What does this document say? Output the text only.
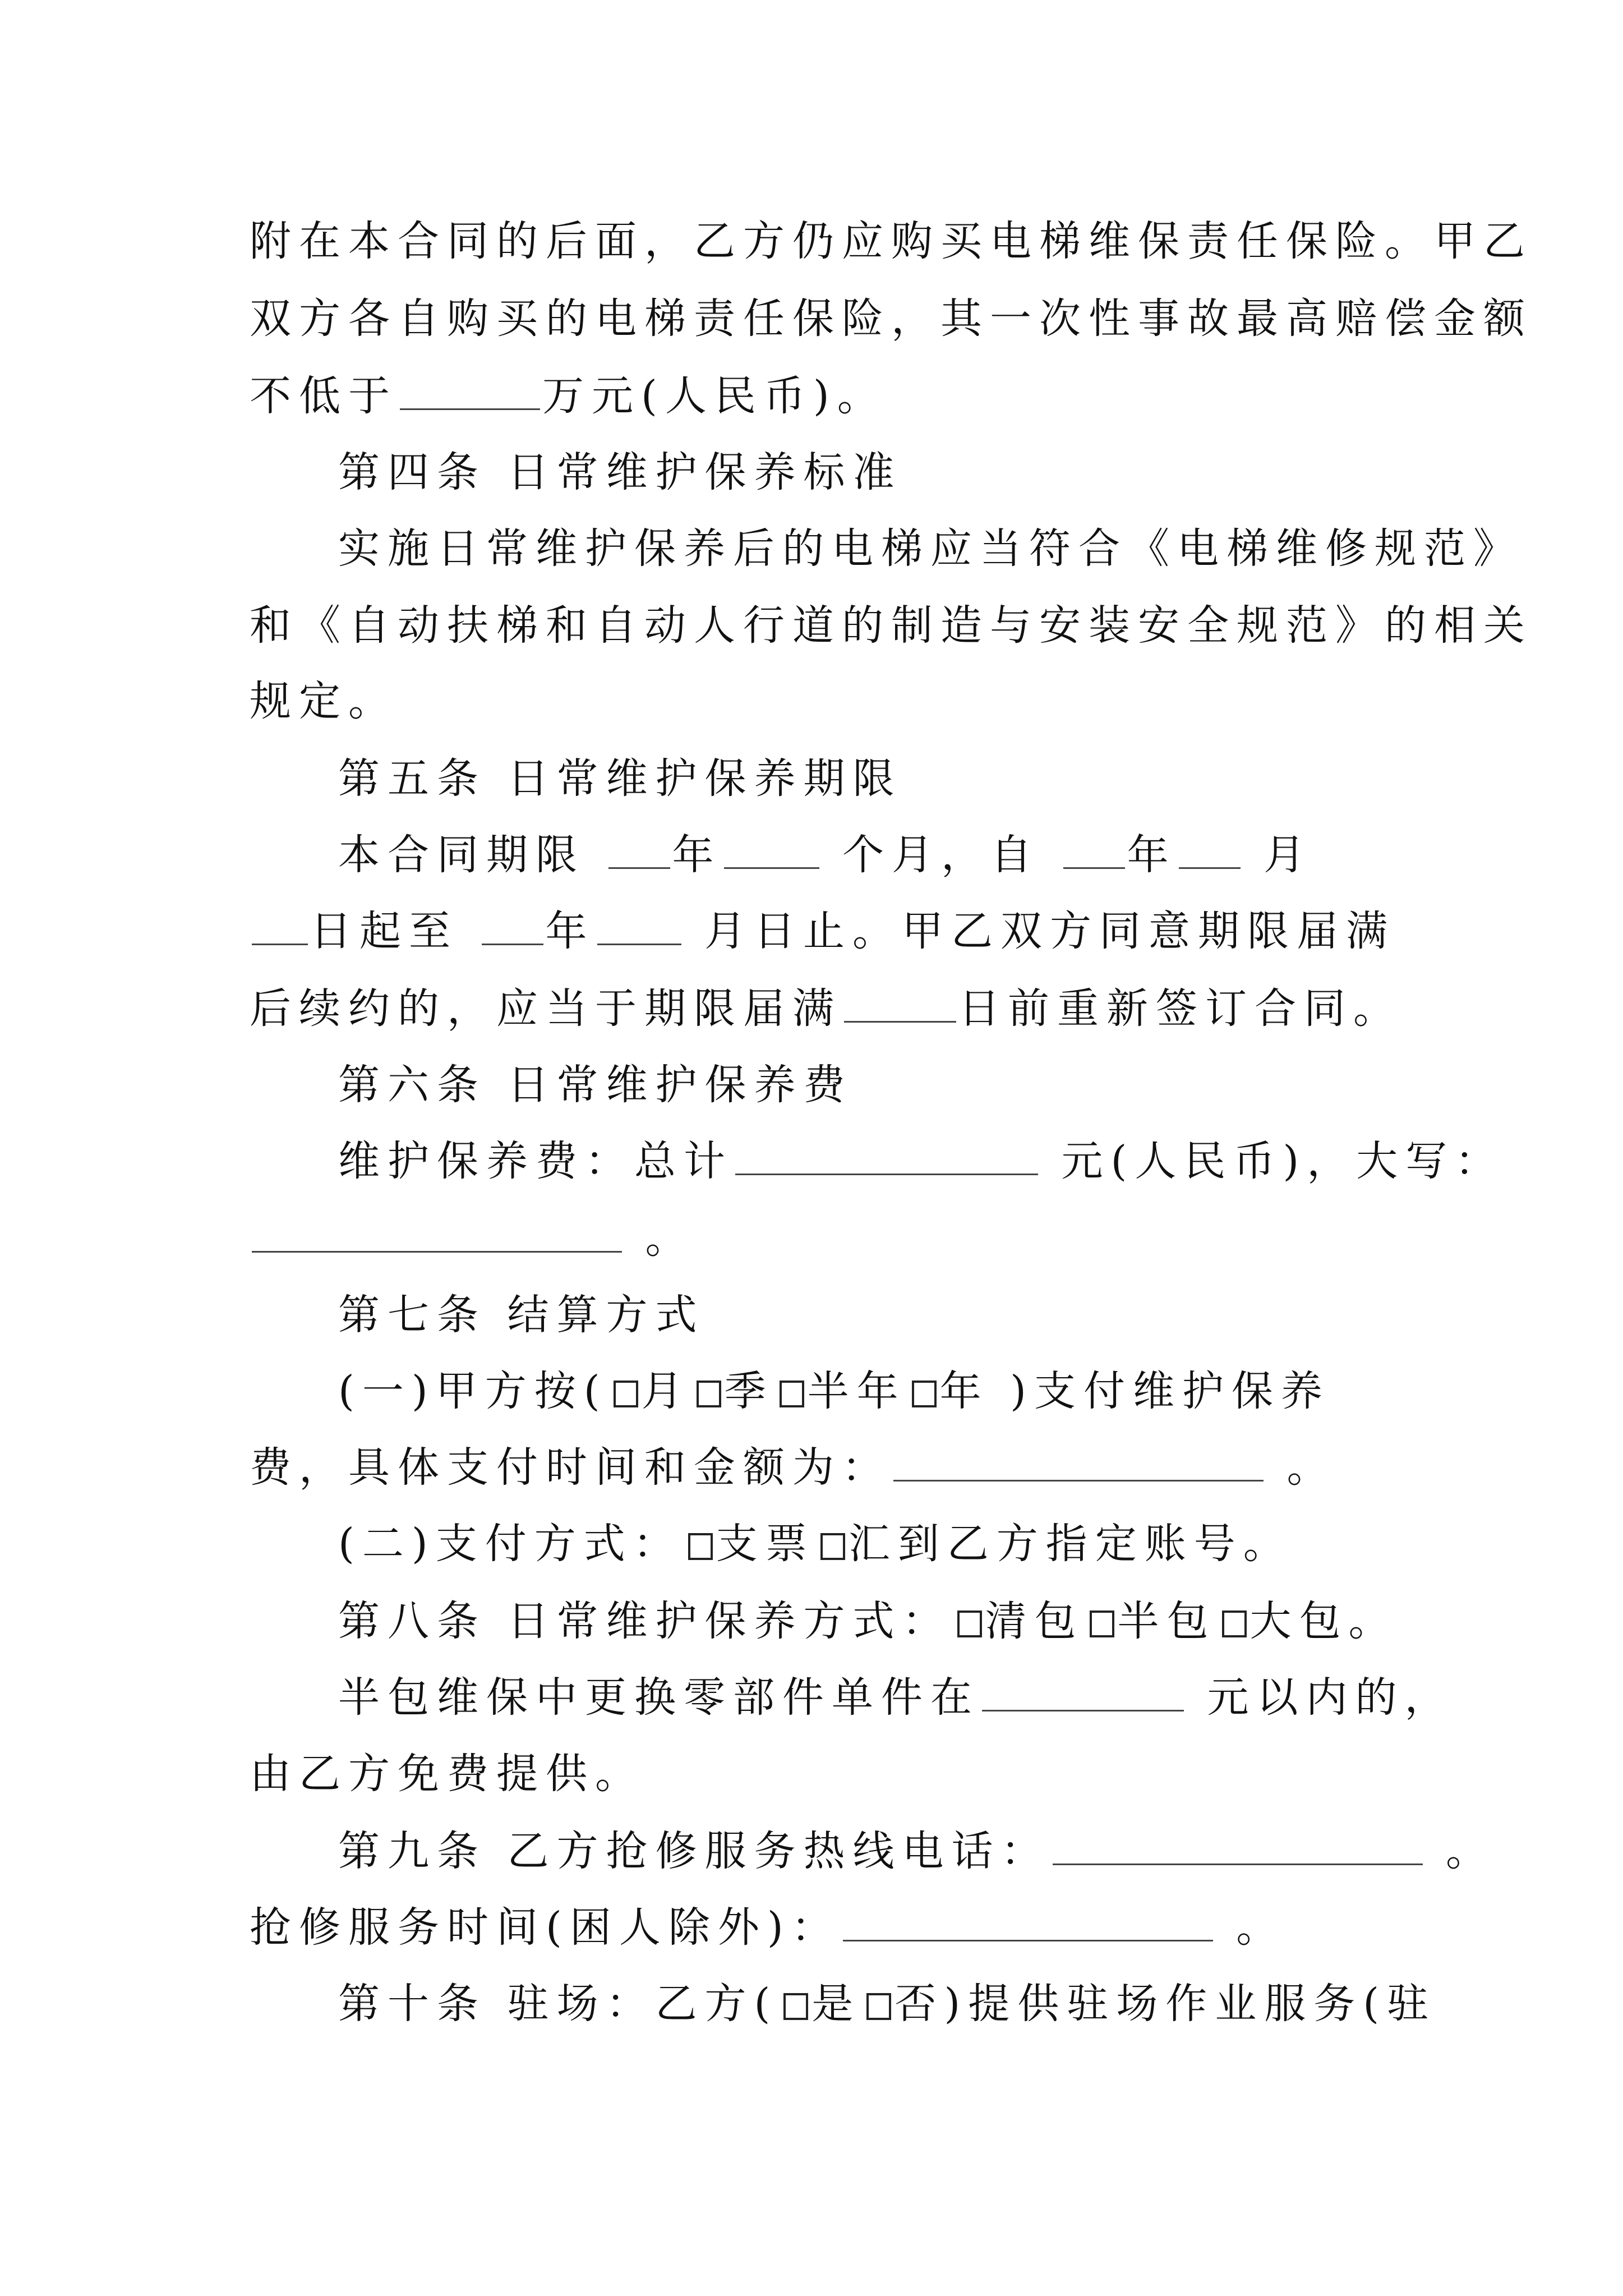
附在本合同的后面，乙方仍应购买电梯维保责任保险。甲乙
双方各自购买的电梯责任保险，其一次性事故最高赔偿金额
不低于	万元(人民币)。
第四条 日常维护保养标准
实施日常维护保养后的电梯应当符合《电梯维修规范》
和《自动扶梯和自动人行道的制造与安装安全规范》的相关
规定。
第五条 日常维护保养期限
本合同期限 年 个月，自 年 月
日起至 年 月日止。甲乙双方同意期限届满
后续约的，应当于期限届满	日前重新签订合同。
第六条 日常维护保养费
维护保养费：总计	元(人民币)，大写：
。
第七条 结算方式
(一)甲方按( 月 季 半年 年 )支付维护保养
费，具体支付时间和金额为：	。
(二)支付方式： 支票 汇到乙方指定账号。
第八条 日常维护保养方式： 清包 半包 大包。
半包维保中更换零部件单件在	元以内的，
由乙方免费提供。
第九条 乙方抢修服务热线电话：	。
抢修服务时间(困人除外)：	。
第十条 驻场：乙方( 是 否)提供驻场作业服务(驻
